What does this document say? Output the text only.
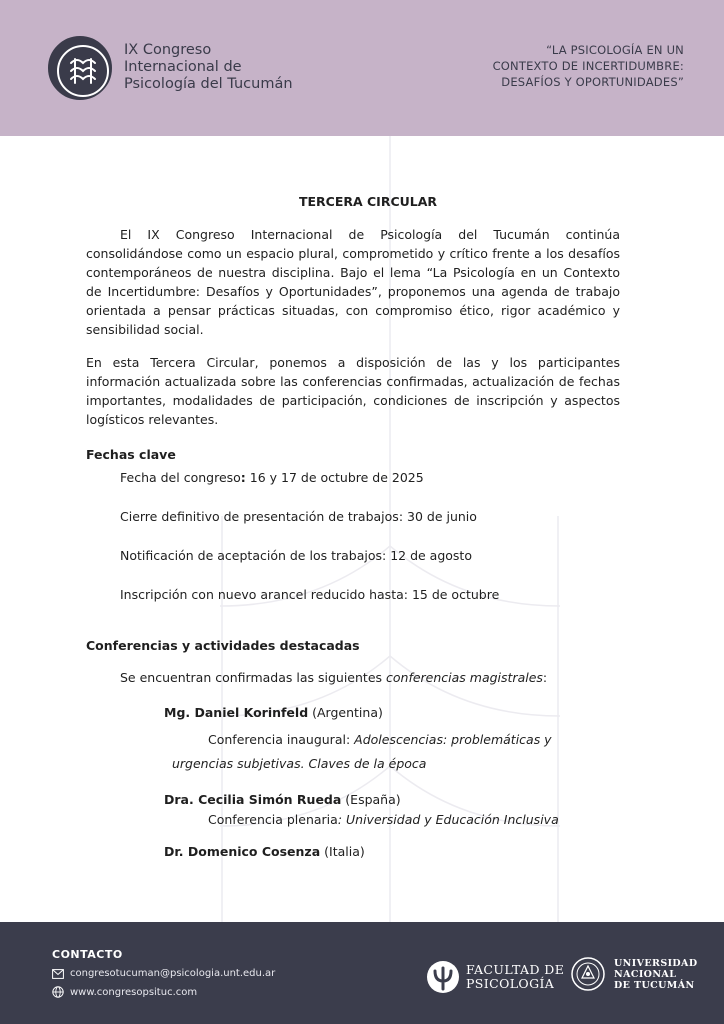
IX Congreso
Internacional de
Psicología del Tucumán
“LA PSICOLOGÍA EN UN
CONTEXTO DE INCERTIDUMBRE:
DESAFÍOS Y OPORTUNIDADES”
TERCERA CIRCULAR

El IX Congreso Internacional de Psicología del Tucumán continúa consolidándose como un espacio plural, comprometido y crítico frente a los desafíos contemporáneos de nuestra disciplina. Bajo el lema “La Psicología en un Contexto de Incertidumbre: Desafíos y Oportunidades”, proponemos una agenda de trabajo orientada a pensar prácticas situadas, con compromiso ético, rigor académico y sensibilidad social.

En esta Tercera Circular, ponemos a disposición de las y los participantes información actualizada sobre las conferencias confirmadas, actualización de fechas importantes, modalidades de participación, condiciones de inscripción y aspectos logísticos relevantes.

Fechas clave
Fecha del congreso: 16 y 17 de octubre de 2025
Cierre definitivo de presentación de trabajos: 30 de junio
Notificación de aceptación de los trabajos: 12 de agosto
Inscripción con nuevo arancel reducido hasta: 15 de octubre
Conferencias y actividades destacadas
Se encuentran confirmadas las siguientes conferencias magistrales:
Mg. Daniel Korinfeld (Argentina)
Conferencia inaugural: Adolescencias: problemáticas y
urgencias subjetivas. Claves de la época
Dra. Cecilia Simón Rueda (España)
Conferencia plenaria: Universidad y Educación Inclusiva
Dr. Domenico Cosenza (Italia)
CONTACTO
congresotucuman@psicologia.unt.edu.ar
www.congresopsituc.com
FACULTAD DE
PSICOLOGÍA
UNIVERSIDAD
NACIONAL
DE TUCUMÁN
